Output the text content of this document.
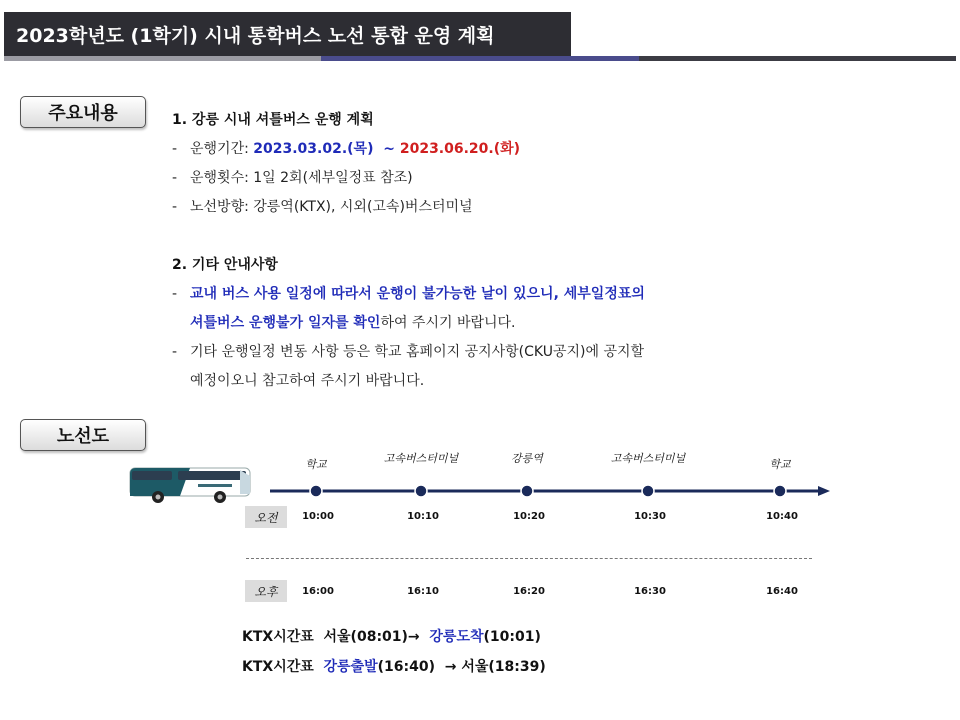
2023학년도 (1학기) 시내 통학버스 노선 통합 운영 계획
주요내용
노선도
1. 강릉 시내 셔틀버스 운행 계획
- 운행기간: 2023.03.02.(목)  ~ 2023.06.20.(화)
- 운행횟수: 1일 2회(세부일정표 참조)
- 노선방향: 강릉역(KTX), 시외(고속)버스터미널
2. 기타 안내사항
- 교내 버스 사용 일정에 따라서 운행이 불가능한 날이 있으니, 세부일정표의
셔틀버스 운행불가 일자를 확인하여 주시기 바랍니다.
- 기타 운행일정 변동 사항 등은 학교 홈페이지 공지사항(CKU공지)에 공지할
예정이오니 참고하여 주시기 바랍니다.
학교	고속버스터미널	강릉역	고속버스터미널	학교
오전	10:00	10:10	10:20	10:30	10:40
오후	16:00	16:10	16:20	16:30	16:40
KTX시간표  서울(08:01)→  강릉도착(10:01)
KTX시간표  강릉출발(16:40)  → 서울(18:39)
